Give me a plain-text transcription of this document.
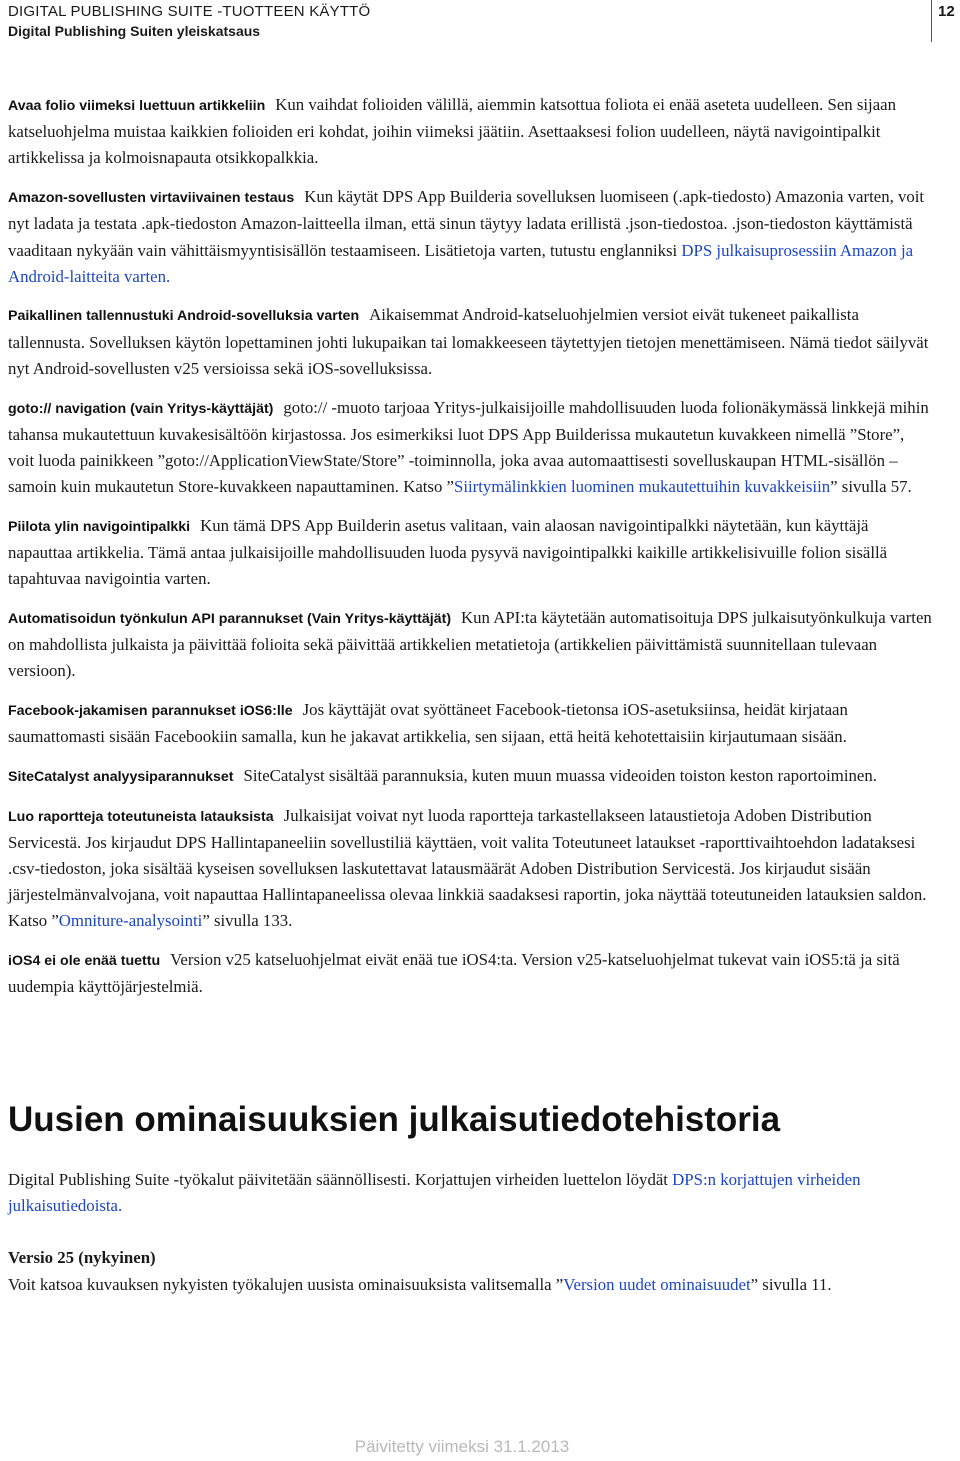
DIGITAL PUBLISHING SUITE -TUOTTEEN KÄYTTÖ
Digital Publishing Suiten yleiskatsaus
12

Avaa folio viimeksi luettuun artikkeliin Kun vaihdat folioiden välillä, aiemmin katsottua foliota ei enää aseteta uudelleen. Sen sijaan katseluohjelma muistaa kaikkien folioiden eri kohdat, joihin viimeksi jäätiin. Asettaaksesi folion uudelleen, näytä navigointipalkit artikkelissa ja kolmoisnapauta otsikkopalkkia.

Amazon-sovellusten virtaviivainen testaus Kun käytät DPS App Builderia sovelluksen luomiseen (.apk-tiedosto) Amazonia varten, voit nyt ladata ja testata .apk-tiedoston Amazon-laitteella ilman, että sinun täytyy ladata erillistä .json-tiedostoa. .json-tiedoston käyttämistä vaaditaan nykyään vain vähittäismyyntisisällön testaamiseen. Lisätietoja varten, tutustu englanniksi DPS julkaisuprosessiin Amazon ja Android-laitteita varten.

Paikallinen tallennustuki Android-sovelluksia varten Aikaisemmat Android-katseluohjelmien versiot eivät tukeneet paikallista tallennusta. Sovelluksen käytön lopettaminen johti lukupaikan tai lomakkeeseen täytettyjen tietojen menettämiseen. Nämä tiedot säilyvät nyt Android-sovellusten v25 versioissa sekä iOS-sovelluksissa.

goto:// navigation (vain Yritys-käyttäjät) goto:// -muoto tarjoaa Yritys-julkaisijoille mahdollisuuden luoda folionäkymässä linkkejä mihin tahansa mukautettuun kuvakesisältöön kirjastossa. Jos esimerkiksi luot DPS App Builderissa mukautetun kuvakkeen nimellä ”Store”, voit luoda painikkeen ”goto://ApplicationViewState/Store” -toiminnolla, joka avaa automaattisesti sovelluskaupan HTML-sisällön – samoin kuin mukautetun Store-kuvakkeen napauttaminen. Katso ”Siirtymälinkkien luominen mukautettuihin kuvakkeisiin” sivulla 57.

Piilota ylin navigointipalkki Kun tämä DPS App Builderin asetus valitaan, vain alaosan navigointipalkki näytetään, kun käyttäjä napauttaa artikkelia. Tämä antaa julkaisijoille mahdollisuuden luoda pysyvä navigointipalkki kaikille artikkelisivuille folion sisällä tapahtuvaa navigointia varten.

Automatisoidun työnkulun API parannukset (Vain Yritys-käyttäjät) Kun API:ta käytetään automatisoituja DPS julkaisutyönkulkuja varten on mahdollista julkaista ja päivittää folioita sekä päivittää artikkelien metatietoja (artikkelien päivittämistä suunnitellaan tulevaan versioon).

Facebook-jakamisen parannukset iOS6:lle Jos käyttäjät ovat syöttäneet Facebook-tietonsa iOS-asetuksiinsa, heidät kirjataan saumattomasti sisään Facebookiin samalla, kun he jakavat artikkelia, sen sijaan, että heitä kehotettaisiin kirjautumaan sisään.

SiteCatalyst analyysiparannukset SiteCatalyst sisältää parannuksia, kuten muun muassa videoiden toiston keston raportoiminen.

Luo raportteja toteutuneista latauksista Julkaisijat voivat nyt luoda raportteja tarkastellakseen lataustietoja Adoben Distribution Servicestä. Jos kirjaudut DPS Hallintapaneeliin sovellustiliä käyttäen, voit valita Toteutuneet lataukset -raporttivaihtoehdon ladataksesi .csv-tiedoston, joka sisältää kyseisen sovelluksen laskutettavat latausmäärät Adoben Distribution Servicestä. Jos kirjaudut sisään järjestelmänvalvojana, voit napauttaa Hallintapaneelissa olevaa linkkiä saadaksesi raportin, joka näyttää toteutuneiden latauksien saldon. Katso ”Omniture-analysointi” sivulla 133.

iOS4 ei ole enää tuettu Version v25 katseluohjelmat eivät enää tue iOS4:ta. Version v25-katseluohjelmat tukevat vain iOS5:tä ja sitä uudempia käyttöjärjestelmiä.

Uusien ominaisuuksien julkaisutiedotehistoria

Digital Publishing Suite -työkalut päivitetään säännöllisesti. Korjattujen virheiden luettelon löydät DPS:n korjattujen virheiden julkaisutiedoista.

Versio 25 (nykyinen)
Voit katsoa kuvauksen nykyisten työkalujen uusista ominaisuuksista valitsemalla ”Version uudet ominaisuudet” sivulla 11.

Päivitetty viimeksi 31.1.2013
